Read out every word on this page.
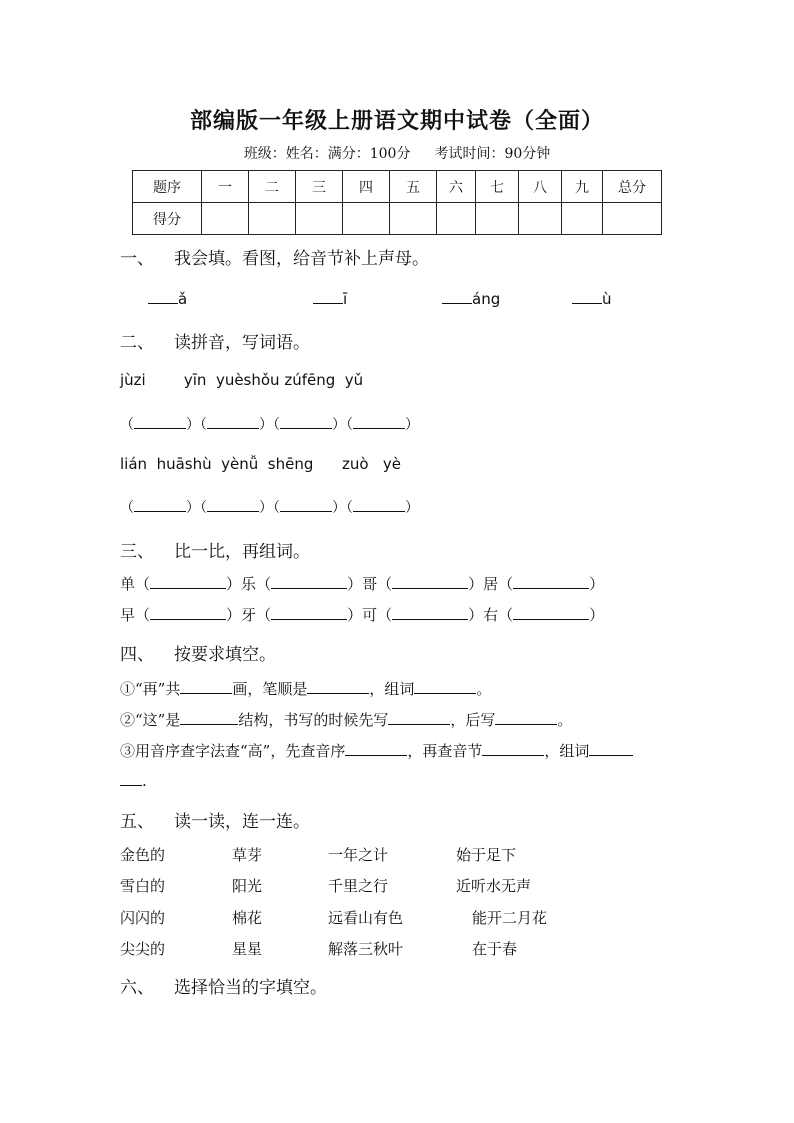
部编版一年级上册语文期中试卷（全面）
班级：姓名：满分：100分 考试时间：90分钟
题序	一	二	三	四	五	六	七	八	九	总分
得分										
一、 我会填。看图，给音节补上声母。
ǎ	ī	áng	ù
二、 读拼音，写词语。
jùzi        yīn  yuèshǒu zúfēng  yǔ
（	）（	）（	）（	）
lián  huāshù  yènǚ  shēng      zuò   yè
（	）（	）（	）（	）
三、 比一比，再组词。
单（	）乐（	）哥（	）居（	）
早（	）牙（	）可（	）右（	）
四、 按要求填空。
①“再”共	画，笔顺是	，组词	。
②“这”是	结构，书写的时候先写	，后写	。
③用音序查字法查“高”，先查音序	，再查音节	，组词
.
五、 读一读，连一连。
金色的	草芽	一年之计	始于足下
雪白的	阳光	千里之行	近听水无声
闪闪的	棉花	远看山有色	能开二月花
尖尖的	星星	解落三秋叶	在于春
六、 选择恰当的字填空。
